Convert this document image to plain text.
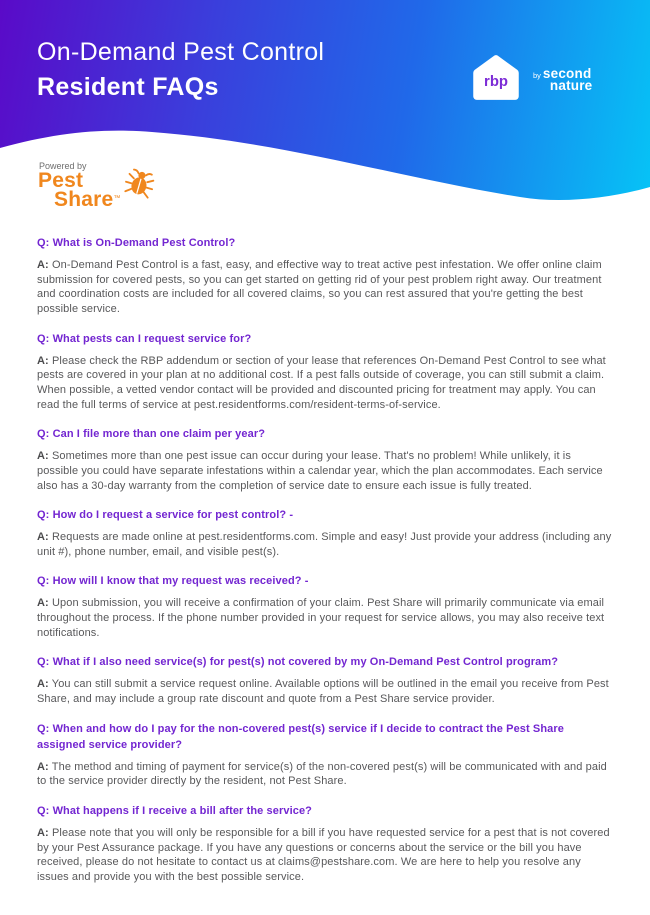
On-Demand Pest Control
Resident FAQs	rbp	by second
nature

Powered by

Pest
Share™
Q: What is On-Demand Pest Control?

A: On-Demand Pest Control is a fast, easy, and effective way to treat active pest infestation. We offer online claim submission for covered pests, so you can get started on getting rid of your pest problem right away. Our treatment and coordination costs are included for all covered claims, so you can rest assured that you're getting the best possible service.

Q: What pests can I request service for?

A: Please check the RBP addendum or section of your lease that references On-Demand Pest Control to see what pests are covered in your plan at no additional cost. If a pest falls outside of coverage, you can still submit a claim. When possible, a vetted vendor contact will be provided and discounted pricing for treatment may apply. You can read the full terms of service at pest.residentforms.com/resident-terms-of-service.

Q: Can I file more than one claim per year?

A: Sometimes more than one pest issue can occur during your lease. That's no problem! While unlikely, it is possible you could have separate infestations within a calendar year, which the plan accommodates. Each service also has a 30-day warranty from the completion of service date to ensure each issue is fully treated.

Q: How do I request a service for pest control? -

A: Requests are made online at pest.residentforms.com. Simple and easy! Just provide your address (including any unit #), phone number, email, and visible pest(s).

Q: How will I know that my request was received? -

A: Upon submission, you will receive a confirmation of your claim. Pest Share will primarily communicate via email throughout the process. If the phone number provided in your request for service allows, you may also receive text notifications.

Q: What if I also need service(s) for pest(s) not covered by my On-Demand Pest Control program?

A: You can still submit a service request online. Available options will be outlined in the email you receive from Pest Share, and may include a group rate discount and quote from a Pest Share service provider.

Q: When and how do I pay for the non-covered pest(s) service if I decide to contract the Pest Share assigned service provider?

A: The method and timing of payment for service(s) of the non-covered pest(s) will be communicated with and paid to the service provider directly by the resident, not Pest Share.

Q: What happens if I receive a bill after the service?

A: Please note that you will only be responsible for a bill if you have requested service for a pest that is not covered by your Pest Assurance package. If you have any questions or concerns about the service or the bill you have received, please do not hesitate to contact us at claims@pestshare.com. We are here to help you resolve any issues and provide you with the best possible service.
